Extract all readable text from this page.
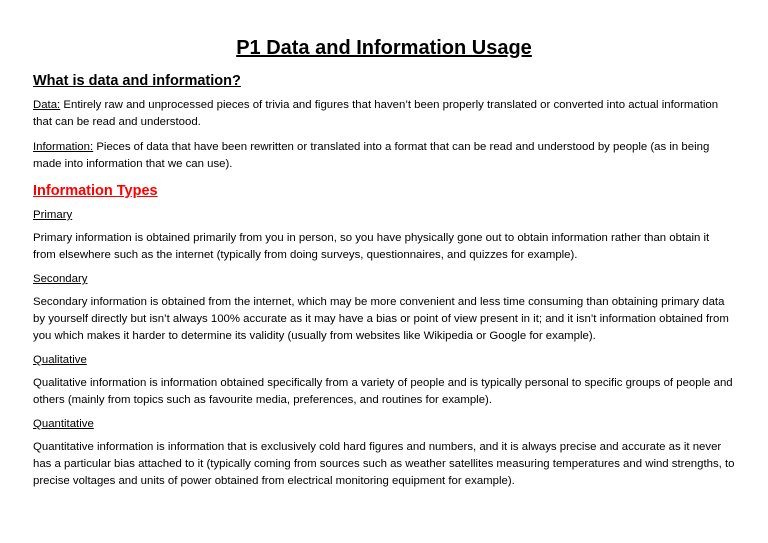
P1 Data and Information Usage
What is data and information?

Data: Entirely raw and unprocessed pieces of trivia and figures that haven’t been properly translated or converted into actual information that can be read and understood.

Information: Pieces of data that have been rewritten or translated into a format that can be read and understood by people (as in being made into information that we can use).

Information Types

Primary

Primary information is obtained primarily from you in person, so you have physically gone out to obtain information rather than obtain it from elsewhere such as the internet (typically from doing surveys, questionnaires, and quizzes for example).

Secondary

Secondary information is obtained from the internet, which may be more convenient and less time consuming than obtaining primary data by yourself directly but isn’t always 100% accurate as it may have a bias or point of view present in it; and it isn’t information obtained from you which makes it harder to determine its validity (usually from websites like Wikipedia or Google for example).

Qualitative

Qualitative information is information obtained specifically from a variety of people and is typically personal to specific groups of people and others (mainly from topics such as favourite media, preferences, and routines for example).

Quantitative

Quantitative information is information that is exclusively cold hard figures and numbers, and it is always precise and accurate as it never has a particular bias attached to it (typically coming from sources such as weather satellites measuring temperatures and wind strengths, to precise voltages and units of power obtained from electrical monitoring equipment for example).
